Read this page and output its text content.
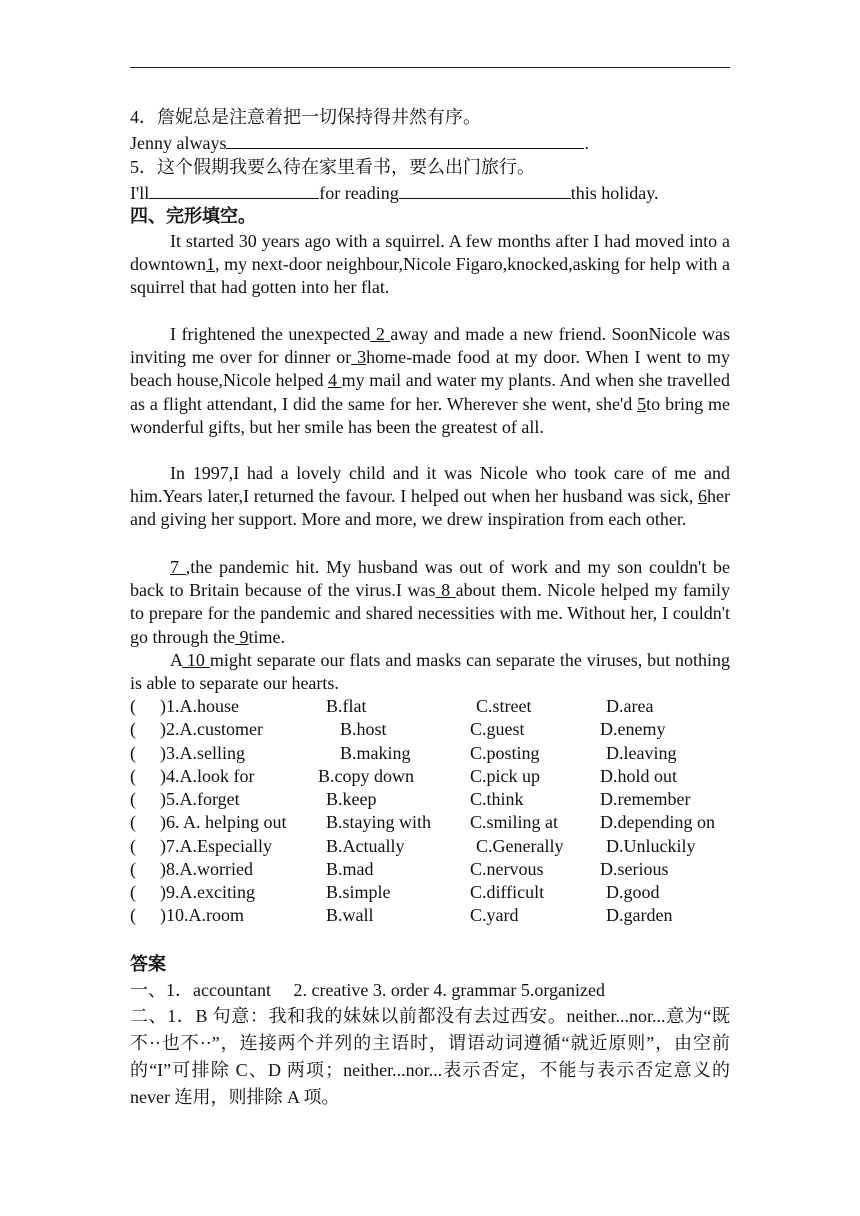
4．詹妮总是注意着把一切保持得井然有序。
Jenny always	.
5．这个假期我要么待在家里看书，要么出门旅行。
I'll	for reading	this holiday.
四、完形填空。
It started 30 years ago with a squirrel. A few months after I had moved into a downtown1, my next-door neighbour,Nicole Figaro,knocked,asking for help with a squirrel that had gotten into her flat.
I frightened the unexpected 2 away and made a new friend. SoonNicole was inviting me over for dinner or 3home-made food at my door. When I went to my beach house,Nicole helped 4 my mail and water my plants. And when she travelled as a flight attendant, I did the same for her. Wherever she went, she'd 5to bring me wonderful gifts, but her smile has been the greatest of all.
In 1997,I had a lovely child and it was Nicole who took care of me and him.Years later,I returned the favour. I helped out when her husband was sick, 6her and giving her support. More and more, we drew inspiration from each other.
7 ,the pandemic hit. My husband was out of work and my son couldn't be back to Britain because of the virus.I was 8 about them. Nicole helped my family to prepare for the pandemic and shared necessities with me. Without her, I couldn't go through the 9time.
A 10 might separate our flats and masks can separate the viruses, but nothing is able to separate our hearts.
( )1.A.house	B.flat	C.street	D.area
( )2.A.customer	B.host	C.guest	D.enemy
( )3.A.selling	B.making	C.posting	D.leaving
( )4.A.look for	B.copy down	C.pick up	D.hold out
( )5.A.forget	B.keep	C.think	D.remember
( )6. A. helping out B.staying with C.smiling at D.depending on
( )7.A.Especially	B.Actually	C.Generally D.Unluckily
( )8.A.worried	B.mad	C.nervous	D.serious
( )9.A.exciting	B.simple	C.difficult	D.good
( )10.A.room	B.wall	C.yard	D.garden
答案
一、1．accountant　 2. creative 3. order 4. grammar 5.organized
二、1．B 句意：我和我的妹妹以前都没有去过西安。neither...nor...意为“既不··也不··”，连接两个并列的主语时，谓语动词遵循“就近原则”，由空前的“I”可排除 C、D 两项；neither...nor...表示否定，不能与表示否定意义的 never 连用，则排除 A 项。
